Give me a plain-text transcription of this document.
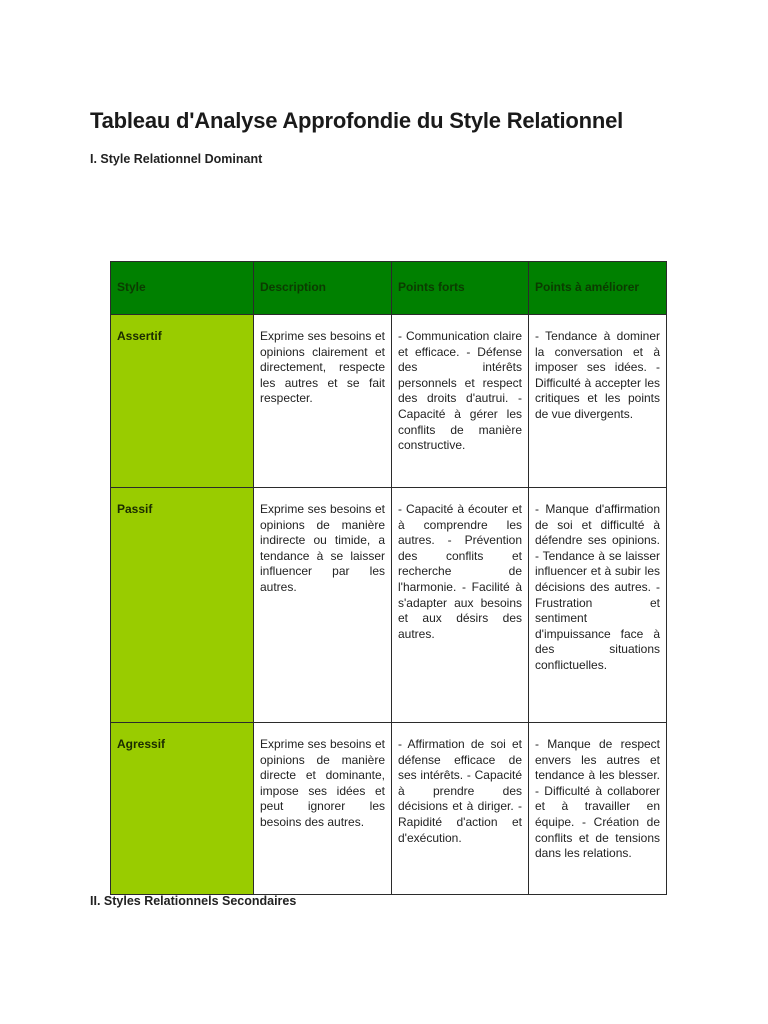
Tableau d'Analyse Approfondie du Style Relationnel
I. Style Relationnel Dominant
Style	Description	Points forts	Points à améliorer
Assertif	Exprime ses besoins et opinions clairement et directement, respecte les autres et se fait respecter.	- Communication claire et efficace. - Défense des intérêts personnels et respect des droits d'autrui. - Capacité à gérer les conflits de manière constructive.	- Tendance à dominer la conversation et à imposer ses idées. - Difficulté à accepter les critiques et les points de vue divergents.
Passif	Exprime ses besoins et opinions de manière indirecte ou timide, a tendance à se laisser influencer par les autres.	- Capacité à écouter et à comprendre les autres. - Prévention des conflits et recherche de l'harmonie. - Facilité à s'adapter aux besoins et aux désirs des autres.	- Manque d'affirmation de soi et difficulté à défendre ses opinions. - Tendance à se laisser influencer et à subir les décisions des autres. - Frustration et sentiment d'impuissance face à des situations conflictuelles.
Agressif	Exprime ses besoins et opinions de manière directe et dominante, impose ses idées et peut ignorer les besoins des autres.	- Affirmation de soi et défense efficace de ses intérêts. - Capacité à prendre des décisions et à diriger. - Rapidité d'action et d'exécution.	- Manque de respect envers les autres et tendance à les blesser. - Difficulté à collaborer et à travailler en équipe. - Création de conflits et de tensions dans les relations.
II. Styles Relationnels Secondaires
